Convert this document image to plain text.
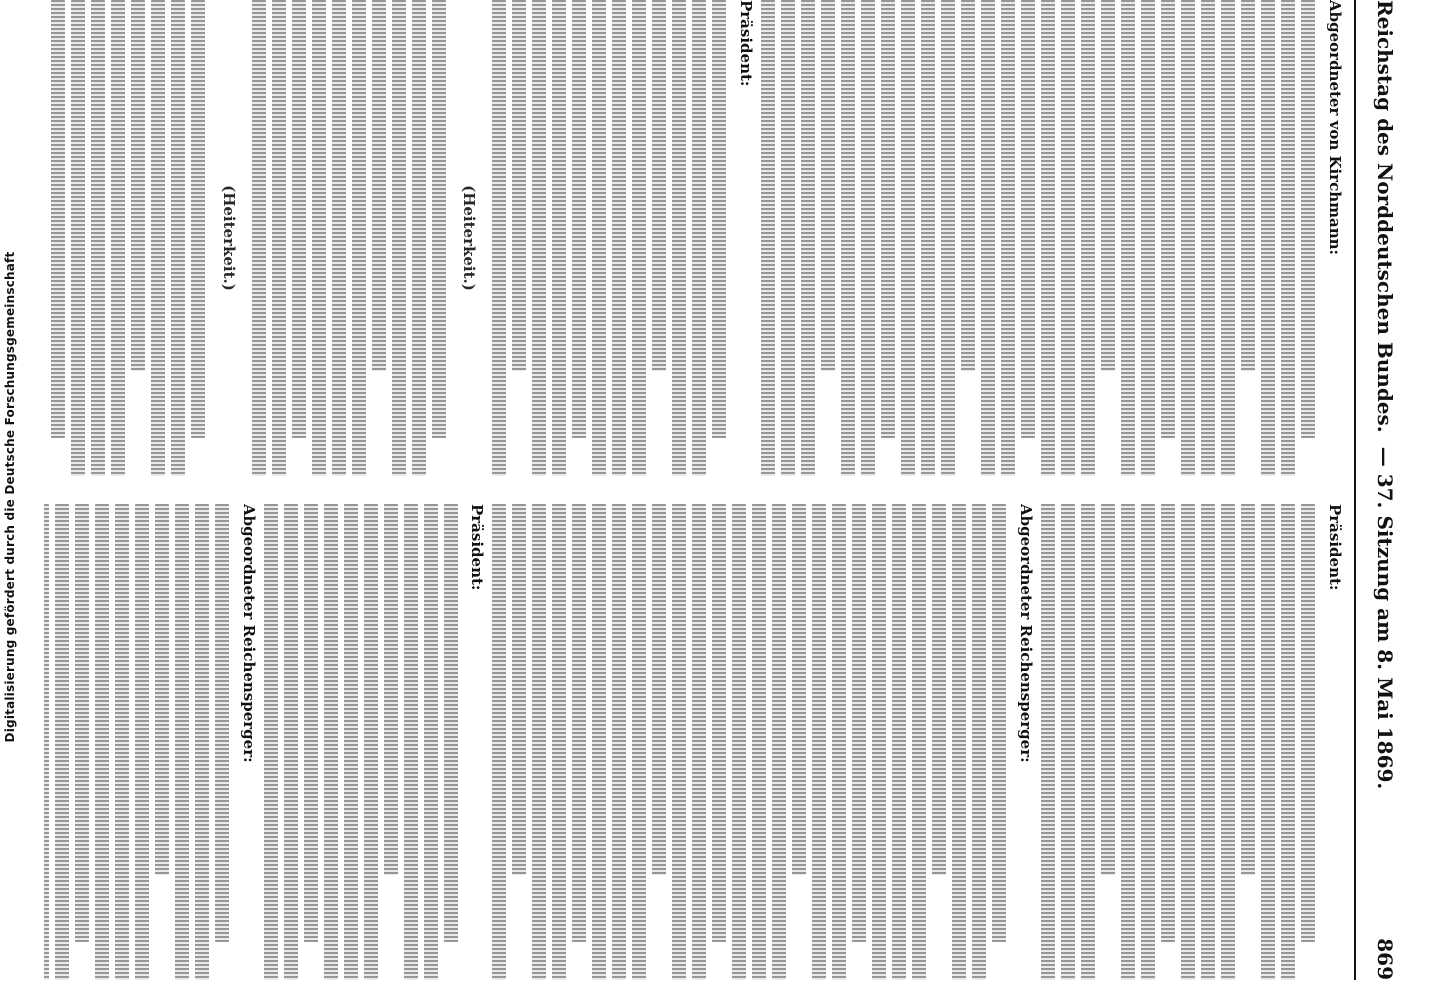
Digitalisierung gefördert durch die Deutsche Forschungsgemeinschaft
Reichstag des Norddeutschen Bundes.
— 37. Sitzung am 8. Mai 1869.
869
Abgeordneter von Kirchmann:
Präsident:
(Heiterkeit.)
(Heiterkeit.)
Präsident:
Abgeordneter Reichensperger:
Präsident:
Abgeordneter Reichensperger:
